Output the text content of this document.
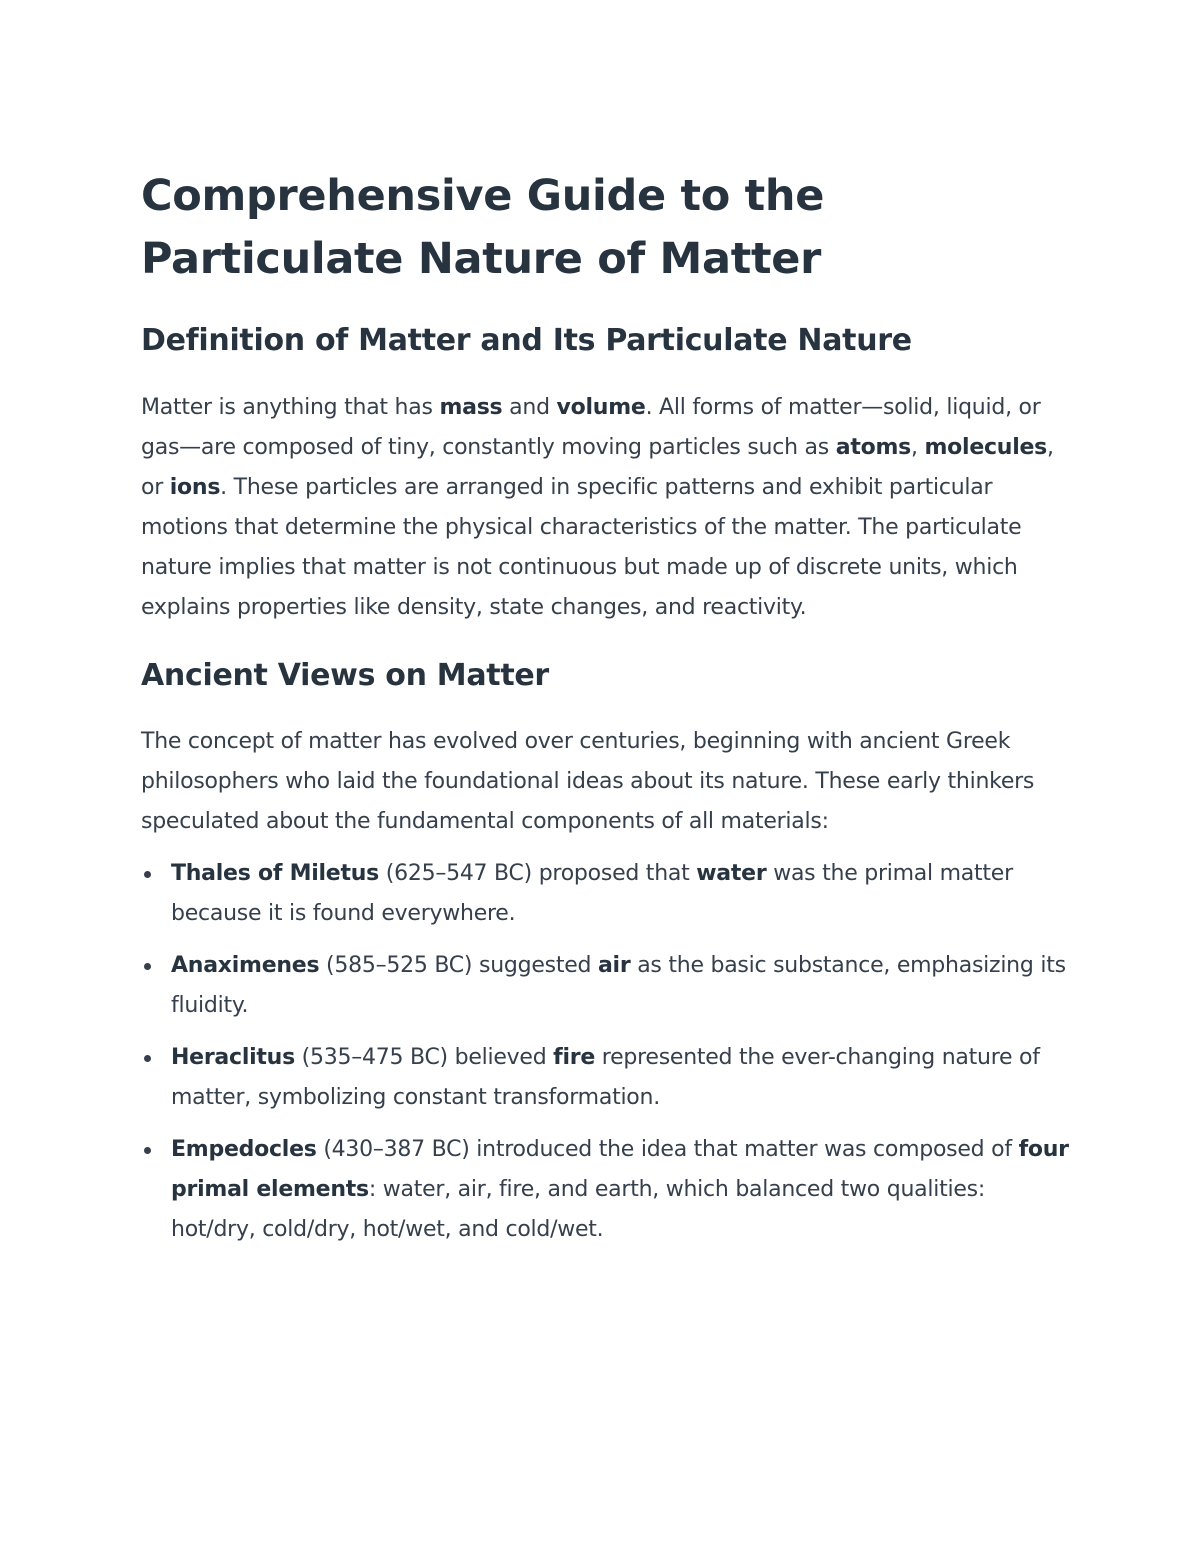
Comprehensive Guide to the
Particulate Nature of Matter
Definition of Matter and Its Particulate Nature

Matter is anything that has mass and volume. All forms of matter—solid, liquid, or gas—are composed of tiny, constantly moving particles such as atoms, molecules, or ions. These particles are arranged in specific patterns and exhibit particular motions that determine the physical characteristics of the matter. The particulate nature implies that matter is not continuous but made up of discrete units, which explains properties like density, state changes, and reactivity.

Ancient Views on Matter

The concept of matter has evolved over centuries, beginning with ancient Greek philosophers who laid the foundational ideas about its nature. These early thinkers speculated about the fundamental components of all materials:

Thales of Miletus (625–547 BC) proposed that water was the primal matter because it is found everywhere.
Anaximenes (585–525 BC) suggested air as the basic substance, emphasizing its fluidity.
Heraclitus (535–475 BC) believed fire represented the ever-changing nature of matter, symbolizing constant transformation.
Empedocles (430–387 BC) introduced the idea that matter was composed of four primal elements: water, air, fire, and earth, which balanced two qualities: hot/dry, cold/dry, hot/wet, and cold/wet.
